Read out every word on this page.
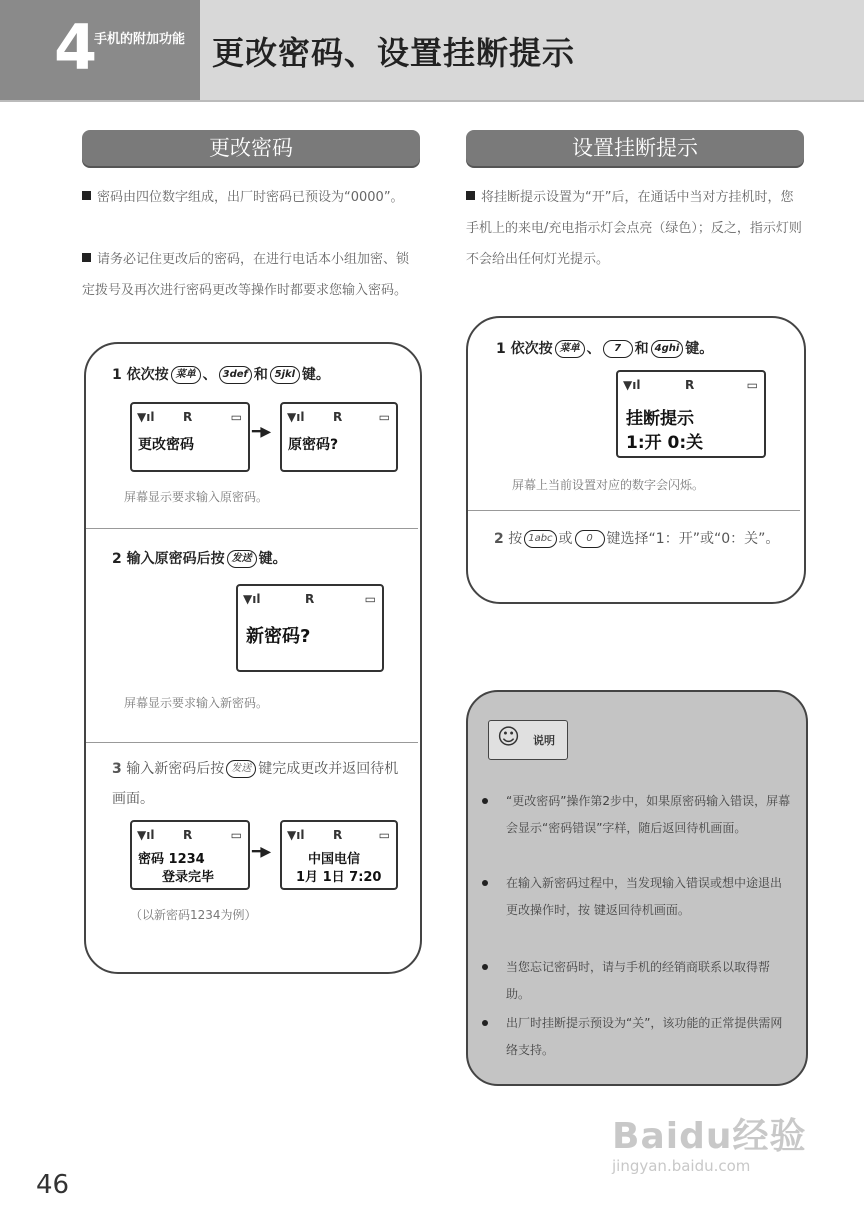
4
手机的附加功能 更改密码、设置挂断提示
更改密码
密码由四位数字组成，出厂时密码已预设为“0000”。
请务必记住更改后的密码，在进行电话本小组加密、锁定拨号及再次进行密码更改等操作时都要求您输入密码。
1 依次按 菜单 、 3def 和 5jkl 键。
▼ıl R	▭
更改密码
━▶
▼ıl R	▭
原密码?
屏幕显示要求输入原密码。
2 输入原密码后按 发送 键。
▼ıl	R	▭
新密码?
屏幕显示要求输入新密码。
3 输入新密码后按 发送 键完成更改并返回待机画面。
▼ıl R	▭
密码 1234
登录完毕
━▶
▼ıl R	▭
中国电信
1月 1日 7:20
（以新密码1234为例）
设置挂断提示
将挂断提示设置为“开”后，在通话中当对方挂机时，您手机上的来电/充电指示灯会点亮（绿色）；反之，指示灯则不会给出任何灯光提示。
1 依次按 菜单 、 7 和 4ghi 键。
▼ıl	R	▭
挂断提示
1:开 0:关
屏幕上当前设置对应的数字会闪烁。
2 按 1abc 或 0 键选择“1：开”或“0：关”。
☺ 说明
“更改密码”操作第2步中，如果原密码输入错误，屏幕会显示“密码错误”字样，随后返回待机画面。
在输入新密码过程中，当发现输入错误或想中途退出更改操作时，按 键返回待机画面。
当您忘记密码时，请与手机的经销商联系以取得帮助。
出厂时挂断提示预设为“关”，该功能的正常提供需网络支持。
46
Baidu经验
jingyan.baidu.com
